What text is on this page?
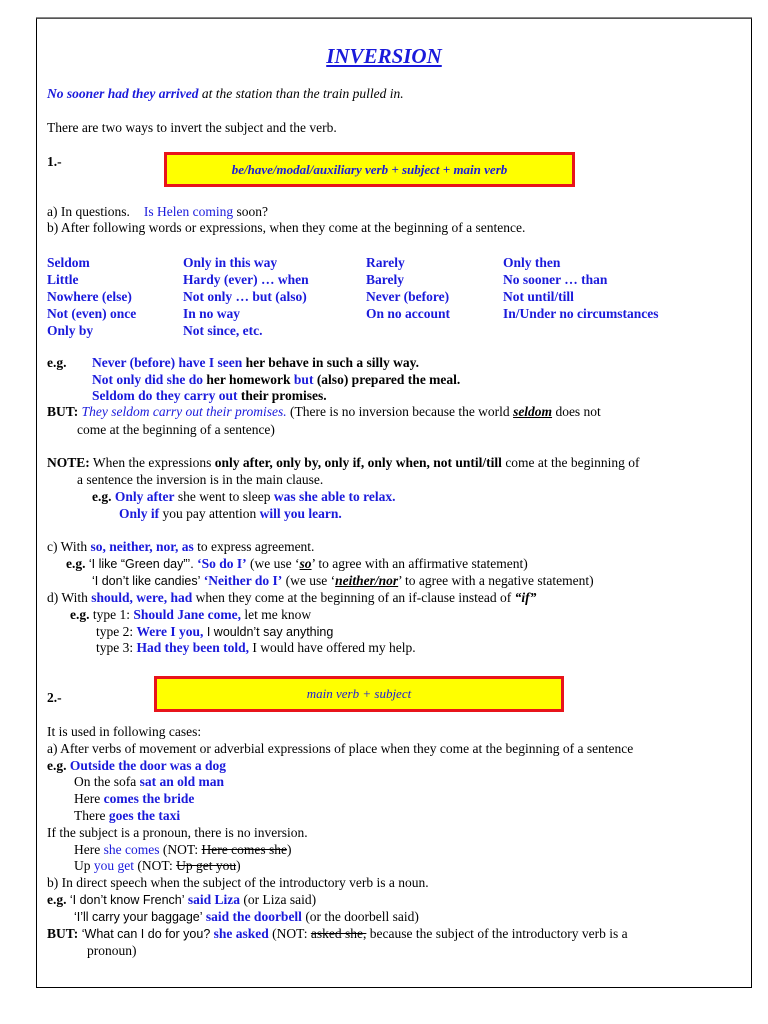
INVERSION
No sooner had they arrived at the station than the train pulled in.
There are two ways to invert the subject and the verb.
1.-
be/have/modal/auxiliary verb + subject + main verb
a) In questions. Is Helen coming soon?
b) After following words or expressions, when they come at the beginning of a sentence.
Seldom
Little
Nowhere (else)
Not (even) once
Only by
Only in this way
Hardy (ever) … when
Not only … but (also)
In no way
Not since, etc.
Rarely
Barely
Never (before)
On no account
Only then
No sooner … than
Not until/till
In/Under no circumstances
e.g. Never (before) have I seen her behave in such a silly way.
Not only did she do her homework but (also) prepared the meal.
Seldom do they carry out their promises.
BUT: They seldom carry out their promises. (There is no inversion because the world seldom does not
come at the beginning of a sentence)
NOTE: When the expressions only after, only by, only if, only when, not until/till come at the beginning of
a sentence the inversion is in the main clause.
e.g. Only after she went to sleep was she able to relax.
Only if you pay attention will you learn.
c) With so, neither, nor, as to express agreement.
e.g. ‘I like “Green day”’. ‘So do I’ (we use ‘so’ to agree with an affirmative statement)
‘I don’t like candies’ ‘Neither do I’ (we use ‘neither/nor’ to agree with a negative statement)
d) With should, were, had when they come at the beginning of an if-clause instead of “if”
e.g. type 1: Should Jane come, let me know
type 2: Were I you, I wouldn’t say anything
type 3: Had they been told, I would have offered my help.
2.-	main verb + subject
It is used in following cases:
a) After verbs of movement or adverbial expressions of place when they come at the beginning of a sentence
e.g. Outside the door was a dog
On the sofa sat an old man
Here comes the bride
There goes the taxi
If the subject is a pronoun, there is no inversion.
Here she comes (NOT: Here comes she)
Up you get (NOT: Up get you)
b) In direct speech when the subject of the introductory verb is a noun.
e.g. ‘I don’t know French’ said Liza (or Liza said)
‘I’ll carry your baggage’ said the doorbell (or the doorbell said)
BUT: ‘What can I do for you? she asked (NOT: asked she, because the subject of the introductory verb is a
pronoun)
